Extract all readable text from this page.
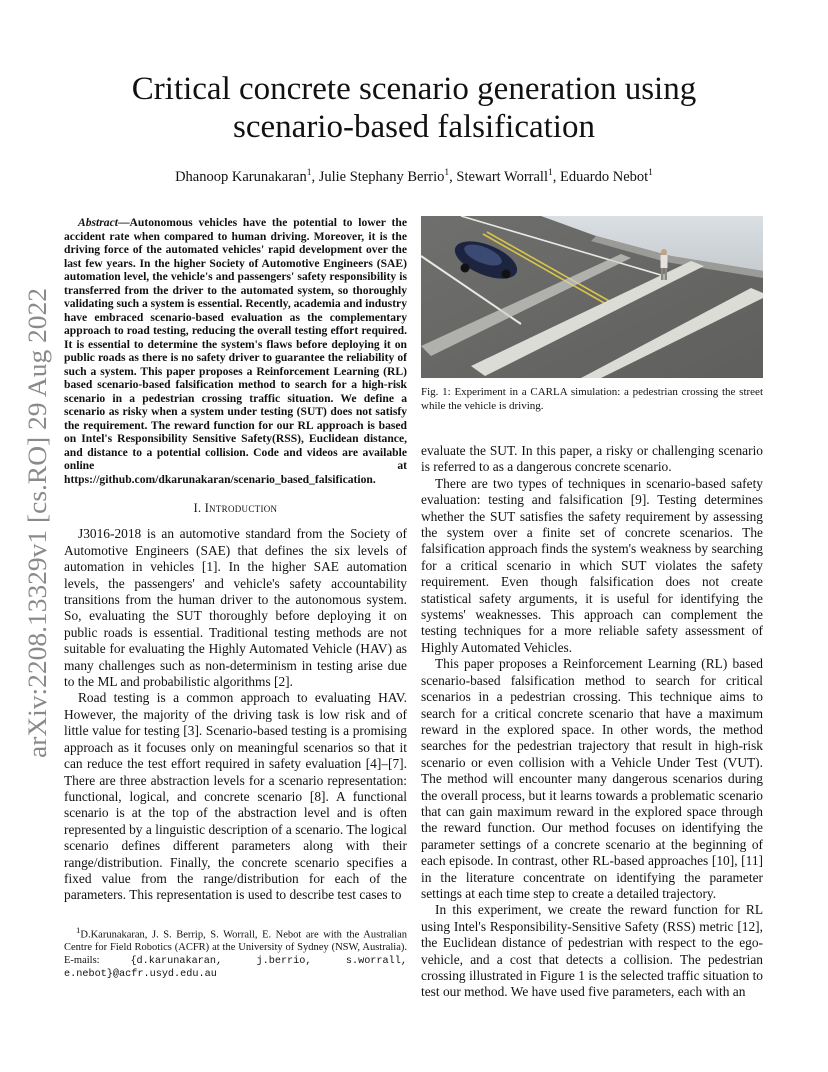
arXiv:2208.13329v1 [cs.RO] 29 Aug 2022
Critical concrete scenario generation using
scenario-based falsification
Dhanoop Karunakaran$^1$, Julie Stephany Berrio$^1$, Stewart Worrall$^1$, Eduardo Nebot$^1$

Abstract—Autonomous vehicles have the potential to lower the accident rate when compared to human driving. Moreover, it is the driving force of the automated vehicles' rapid development over the last few years. In the higher Society of Automotive Engineers (SAE) automation level, the vehicle's and passengers' safety responsibility is transferred from the driver to the automated system, so thoroughly validating such a system is essential. Recently, academia and industry have embraced scenario-based evaluation as the complementary approach to road testing, reducing the overall testing effort required. It is essential to determine the system's flaws before deploying it on public roads as there is no safety driver to guarantee the reliability of such a system. This paper proposes a Reinforcement Learning (RL) based scenario-based falsification method to search for a high-risk scenario in a pedestrian crossing traffic situation. We define a scenario as risky when a system under testing (SUT) does not satisfy the requirement. The reward function for our RL approach is based on Intel's Responsibility Sensitive Safety(RSS), Euclidean distance, and distance to a potential collision. Code and videos are available online at https://github.com/dkarunakaran/scenario_based_falsification.

I. Introduction

J3016-2018 is an automotive standard from the Society of Automotive Engineers (SAE) that defines the six levels of automation in vehicles [1]. In the higher SAE automation levels, the passengers' and vehicle's safety accountability transitions from the human driver to the autonomous system. So, evaluating the SUT thoroughly before deploying it on public roads is essential. Traditional testing methods are not suitable for evaluating the Highly Automated Vehicle (HAV) as many challenges such as non-determinism in testing arise due to the ML and probabilistic algorithms [2].

Road testing is a common approach to evaluating HAV. However, the majority of the driving task is low risk and of little value for testing [3]. Scenario-based testing is a promising approach as it focuses only on meaningful scenarios so that it can reduce the test effort required in safety evaluation [4]–[7]. There are three abstraction levels for a scenario representation: functional, logical, and concrete scenario [8]. A functional scenario is at the top of the abstraction level and is often represented by a linguistic description of a scenario. The logical scenario defines different parameters along with their range/distribution. Finally, the concrete scenario specifies a fixed value from the range/distribution for each of the parameters. This representation is used to describe test cases to

$^1$D.Karunakaran, J. S. Berrip, S. Worrall, E. Nebot are with the Australian Centre for Field Robotics (ACFR) at the University of Sydney (NSW, Australia). E-mails:	{d.karunakaran, j.berrio, s.worrall, e.nebot}@acfr.usyd.edu.au

Fig. 1: Experiment in a CARLA simulation: a pedestrian crossing the street while the vehicle is driving.

evaluate the SUT. In this paper, a risky or challenging scenario is referred to as a dangerous concrete scenario.

There are two types of techniques in scenario-based safety evaluation: testing and falsification [9]. Testing determines whether the SUT satisfies the safety requirement by assessing the system over a finite set of concrete scenarios. The falsification approach finds the system's weakness by searching for a critical scenario in which SUT violates the safety requirement. Even though falsification does not create statistical safety arguments, it is useful for identifying the systems' weaknesses. This approach can complement the testing techniques for a more reliable safety assessment of Highly Automated Vehicles.

This paper proposes a Reinforcement Learning (RL) based scenario-based falsification method to search for critical scenarios in a pedestrian crossing. This technique aims to search for a critical concrete scenario that have a maximum reward in the explored space. In other words, the method searches for the pedestrian trajectory that result in high-risk scenario or even collision with a Vehicle Under Test (VUT). The method will encounter many dangerous scenarios during the overall process, but it learns towards a problematic scenario that can gain maximum reward in the explored space through the reward function. Our method focuses on identifying the parameter settings of a concrete scenario at the beginning of each episode. In contrast, other RL-based approaches [10], [11] in the literature concentrate on identifying the parameter settings at each time step to create a detailed trajectory.

In this experiment, we create the reward function for RL using Intel's Responsibility-Sensitive Safety (RSS) metric [12], the Euclidean distance of pedestrian with respect to the ego-vehicle, and a cost that detects a collision. The pedestrian crossing illustrated in Figure 1 is the selected traffic situation to test our method. We have used five parameters, each with an
